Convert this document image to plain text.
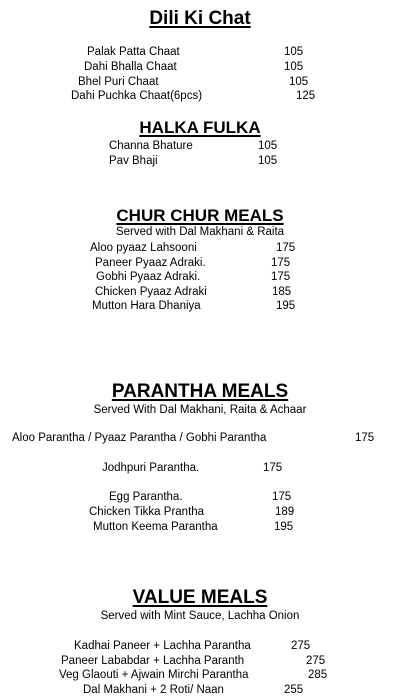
Dili Ki Chat
Palak Patta Chaat	105
Dahi Bhalla Chaat	105
Bhel Puri Chaat	105
Dahi Puchka Chaat(6pcs)	125
HALKA FULKA
Channa Bhature	105
Pav Bhaji	105
CHUR CHUR MEALS
Served with Dal Makhani & Raita
Aloo pyaaz Lahsooni	175
Paneer Pyaaz Adraki.	175
Gobhi Pyaaz Adraki.	175
Chicken Pyaaz Adraki	185
Mutton Hara Dhaniya	195
PARANTHA MEALS
Served With Dal Makhani, Raita & Achaar
Aloo Parantha / Pyaaz Parantha / Gobhi Parantha	175
Jodhpuri Parantha.	175
Egg Parantha.	175
Chicken Tikka Prantha	189
Mutton Keema Parantha	195
VALUE MEALS
Served with Mint Sauce, Lachha Onion
Kadhai Paneer + Lachha Parantha	275
Paneer Lababdar + Lachha Paranth	275
Veg Glaouti + Ajwain Mirchi Parantha	285
Dal Makhani + 2 Roti/ Naan	255
